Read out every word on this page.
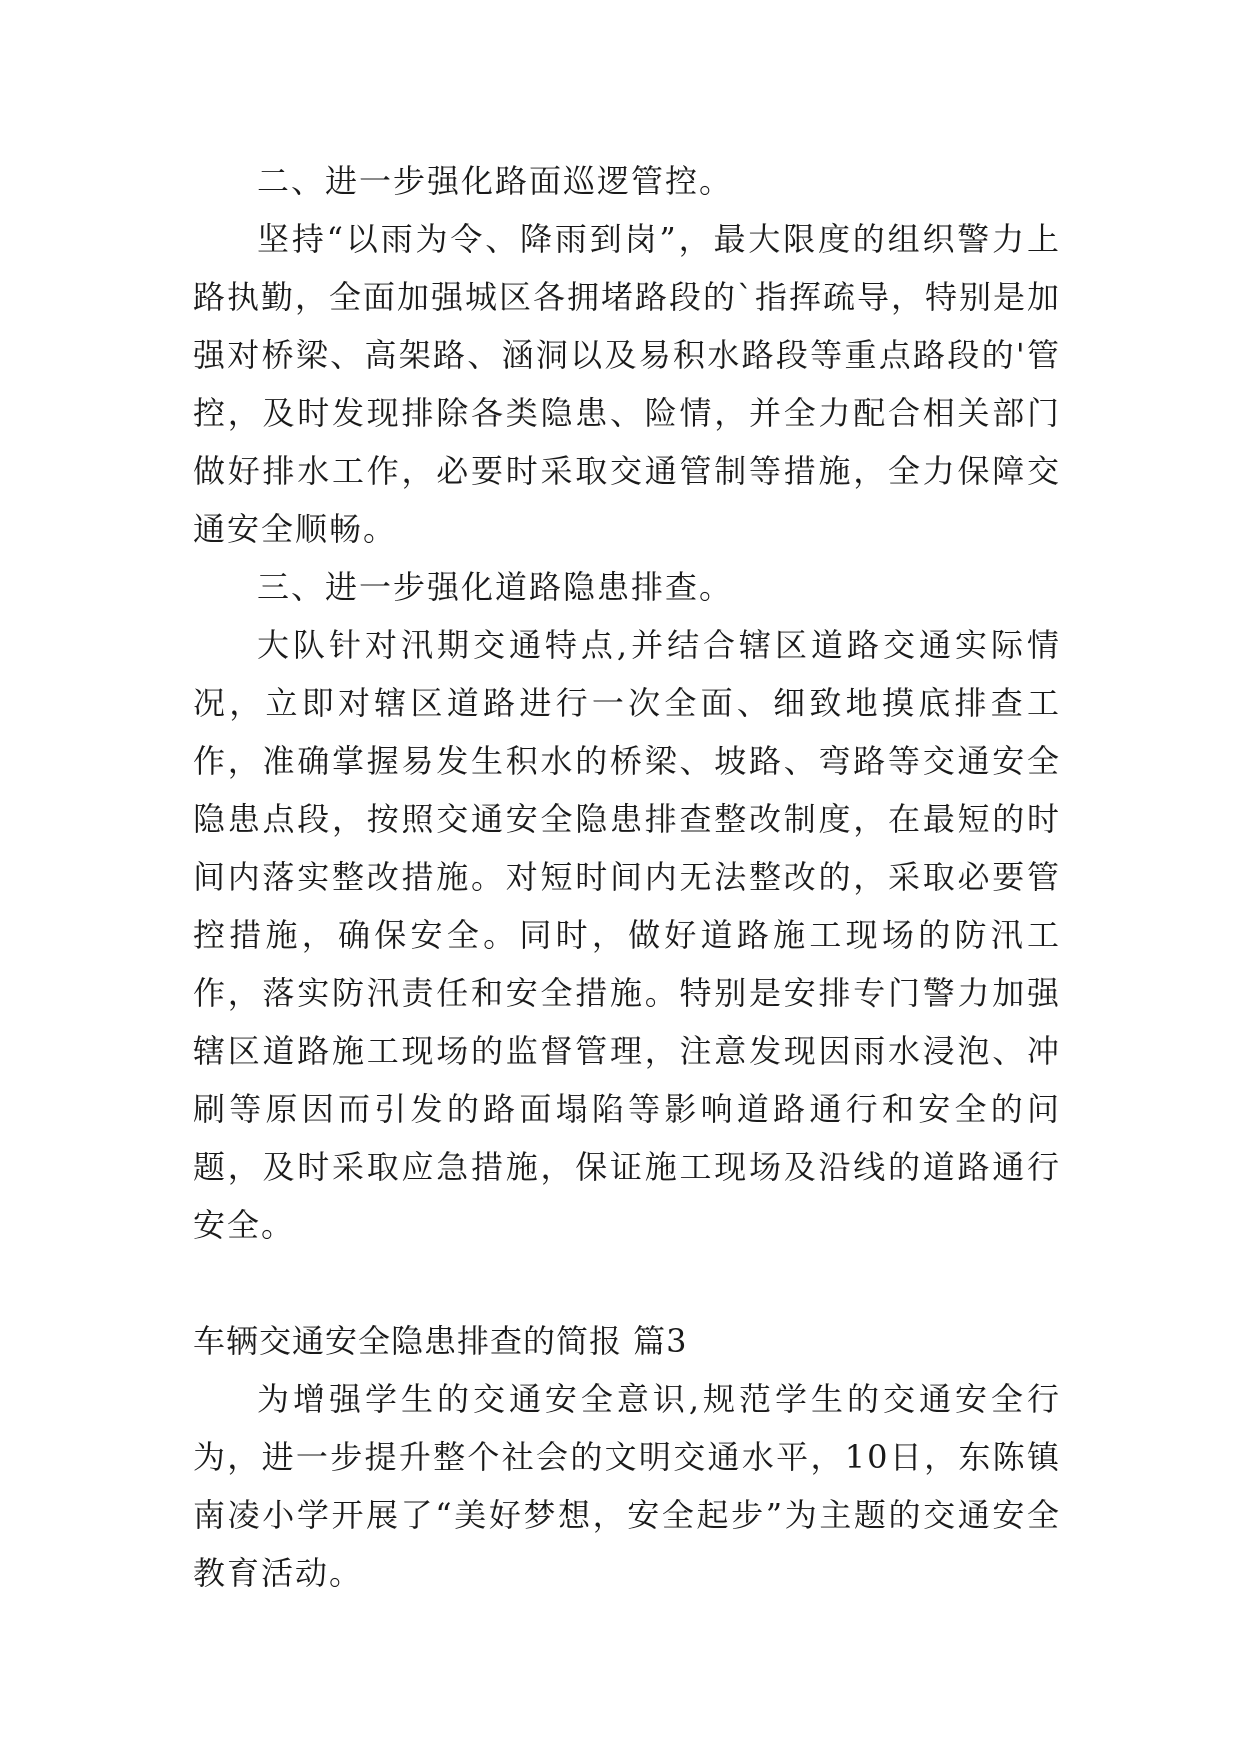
二、进一步强化路面巡逻管控。

坚持“以雨为令、降雨到岗”，最大限度的组织警力上路执勤，全面加强城区各拥堵路段的`指挥疏导，特别是加强对桥梁、高架路、涵洞以及易积水路段等重点路段的'管控，及时发现排除各类隐患、险情，并全力配合相关部门做好排水工作，必要时采取交通管制等措施，全力保障交通安全顺畅。

三、进一步强化道路隐患排查。

大队针对汛期交通特点,并结合辖区道路交通实际情况，立即对辖区道路进行一次全面、细致地摸底排查工作，准确掌握易发生积水的桥梁、坡路、弯路等交通安全隐患点段，按照交通安全隐患排查整改制度，在最短的时间内落实整改措施。对短时间内无法整改的，采取必要管控措施，确保安全。同时，做好道路施工现场的防汛工作，落实防汛责任和安全措施。特别是安排专门警力加强辖区道路施工现场的监督管理，注意发现因雨水浸泡、冲刷等原因而引发的路面塌陷等影响道路通行和安全的问题，及时采取应急措施，保证施工现场及沿线的道路通行安全。

车辆交通安全隐患排查的简报 篇3

为增强学生的交通安全意识,规范学生的交通安全行为，进一步提升整个社会的文明交通水平，10日，东陈镇南凌小学开展了“美好梦想，安全起步”为主题的交通安全教育活动。
